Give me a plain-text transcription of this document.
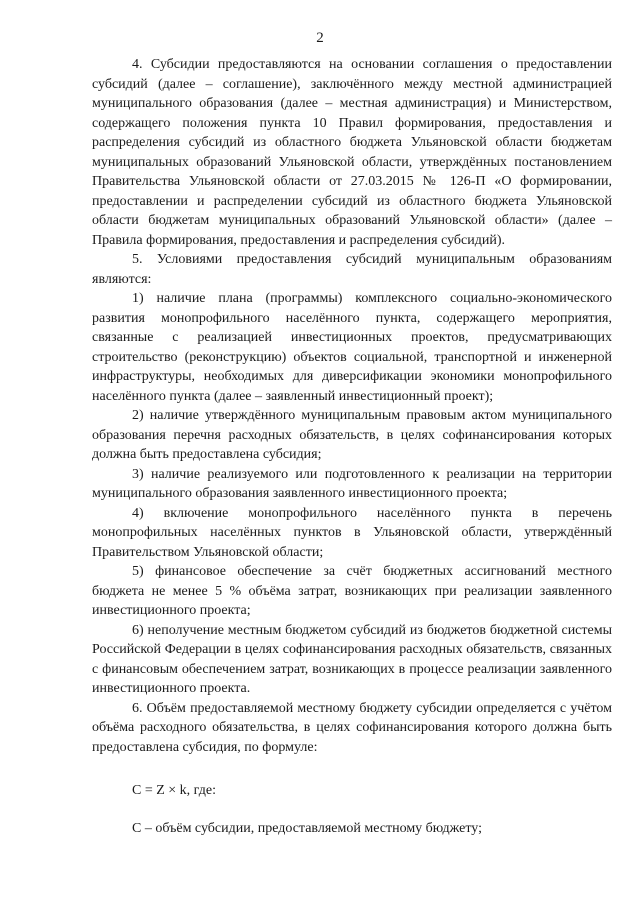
2

4. Субсидии предоставляются на основании соглашения о предоставлении субсидий (далее – соглашение), заключённого между местной администрацией муниципального образования (далее – местная администрация) и Министерством, содержащего положения пункта 10 Правил формирования, предоставления и распределения субсидий из областного бюджета Ульяновской области бюджетам муниципальных образований Ульяновской области, утверждённых постановлением Правительства Ульяновской области от 27.03.2015 № 126-П «О формировании, предоставлении и распределении субсидий из областного бюджета Ульяновской области бюджетам муниципальных образований Ульяновской области» (далее – Правила формирования, предоставления и распределения субсидий).

5. Условиями предоставления субсидий муниципальным образованиям являются:

1) наличие плана (программы) комплексного социально-экономического развития монопрофильного населённого пункта, содержащего мероприятия, связанные с реализацией инвестиционных проектов, предусматривающих строительство (реконструкцию) объектов социальной, транспортной и инженерной инфраструктуры, необходимых для диверсификации экономики монопрофильного населённого пункта (далее – заявленный инвестиционный проект);

2) наличие утверждённого муниципальным правовым актом муниципального образования перечня расходных обязательств, в целях софинансирования которых должна быть предоставлена субсидия;

3) наличие реализуемого или подготовленного к реализации на территории муниципального образования заявленного инвестиционного проекта;

4) включение монопрофильного населённого пункта в перечень монопрофильных населённых пунктов в Ульяновской области, утверждённый Правительством Ульяновской области;

5) финансовое обеспечение за счёт бюджетных ассигнований местного бюджета не менее 5 % объёма затрат, возникающих при реализации заявленного инвестиционного проекта;

6) неполучение местным бюджетом субсидий из бюджетов бюджетной системы Российской Федерации в целях софинансирования расходных обязательств, связанных с финансовым обеспечением затрат, возникающих в процессе реализации заявленного инвестиционного проекта.

6. Объём предоставляемой местному бюджету субсидии определяется с учётом объёма расходного обязательства, в целях софинансирования которого должна быть предоставлена субсидия, по формуле:

С = Z × k, где:

С – объём субсидии, предоставляемой местному бюджету;
